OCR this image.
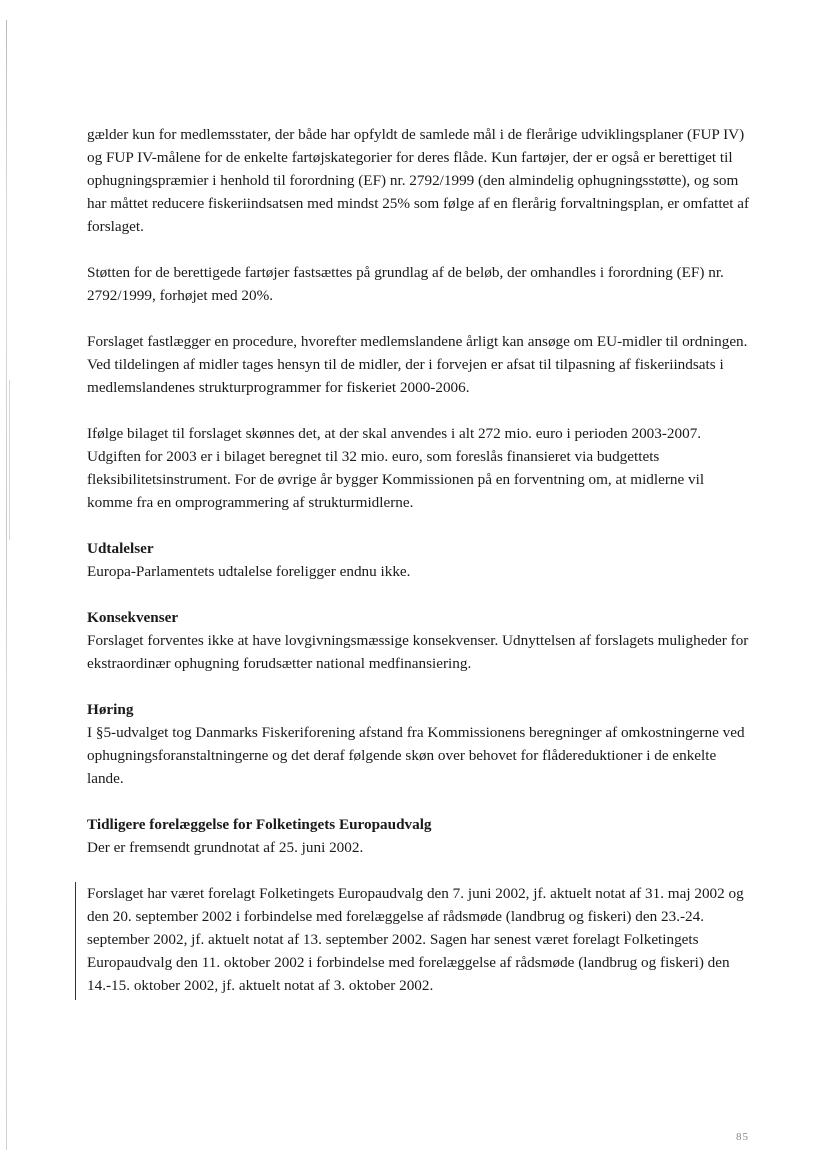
gælder kun for medlemsstater, der både har opfyldt de samlede mål i de flerårige udviklingsplaner (FUP IV) og FUP IV-målene for de enkelte fartøjskategorier for deres flåde. Kun fartøjer, der er også er berettiget til ophugningspræmier i henhold til forordning (EF) nr. 2792/1999 (den almindelig ophugningsstøtte), og som har måttet reducere fiskeriindsatsen med mindst 25% som følge af en flerårig forvaltningsplan, er omfattet af forslaget.

Støtten for de berettigede fartøjer fastsættes på grundlag af de beløb, der omhandles i forordning (EF) nr. 2792/1999, forhøjet med 20%.

Forslaget fastlægger en procedure, hvorefter medlemslandene årligt kan ansøge om EU-midler til ordningen. Ved tildelingen af midler tages hensyn til de midler, der i forvejen er afsat til tilpasning af fiskeriindsats i medlemslandenes strukturprogrammer for fiskeriet 2000-2006.

Ifølge bilaget til forslaget skønnes det, at der skal anvendes i alt 272 mio. euro i perioden 2003-2007. Udgiften for 2003 er i bilaget beregnet til 32 mio. euro, som foreslås finansieret via budgettets fleksibilitetsinstrument. For de øvrige år bygger Kommissionen på en forventning om, at midlerne vil komme fra en omprogrammering af strukturmidlerne.

Udtalelser

Europa-Parlamentets udtalelse foreligger endnu ikke.

Konsekvenser

Forslaget forventes ikke at have lovgivningsmæssige konsekvenser. Udnyttelsen af forslagets muligheder for ekstraordinær ophugning forudsætter national medfinansiering.

Høring

I §5-udvalget tog Danmarks Fiskeriforening afstand fra Kommissionens beregninger af omkostningerne ved ophugningsforanstaltningerne og det deraf følgende skøn over behovet for flådereduktioner i de enkelte lande.

Tidligere forelæggelse for Folketingets Europaudvalg

Der er fremsendt grundnotat af 25. juni 2002.

Forslaget har været forelagt Folketingets Europaudvalg den 7. juni 2002, jf. aktuelt notat af 31. maj 2002 og den 20. september 2002 i forbindelse med forelæggelse af rådsmøde (landbrug og fiskeri) den 23.-24. september 2002, jf. aktuelt notat af 13. september 2002. Sagen har senest været forelagt Folketingets Europaudvalg den 11. oktober 2002 i forbindelse med forelæggelse af rådsmøde (landbrug og fiskeri) den 14.-15. oktober 2002, jf. aktuelt notat af 3. oktober 2002.

85
